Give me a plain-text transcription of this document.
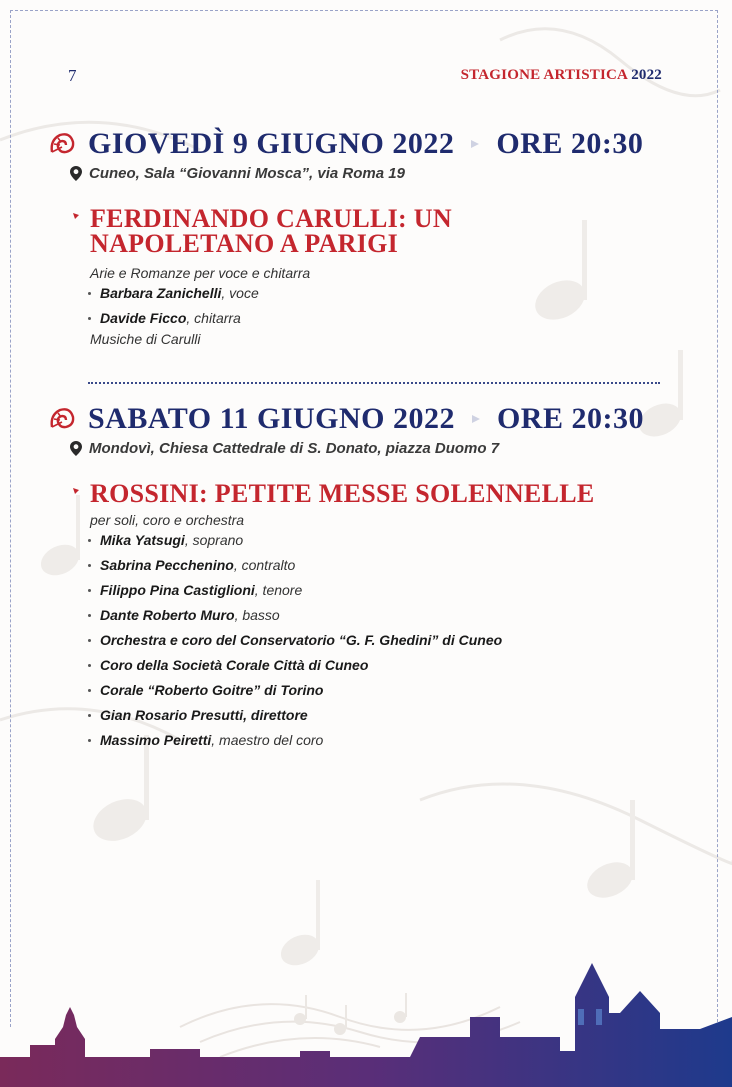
7	STAGIONE ARTISTICA 2022
GIOVEDÌ 9 GIUGNO 2022 ORE 20:30
Cuneo, Sala “Giovanni Mosca”, via Roma 19
FERDINANDO CARULLI: UN NAPOLETANO A PARIGI
Arie e Romanze per voce e chitarra
Barbara Zanichelli , voce
Davide Ficco , chitarra
Musiche di Carulli
SABATO 11 GIUGNO 2022 ORE 20:30
Mondovì, Chiesa Cattedrale di S. Donato, piazza Duomo 7
ROSSINI: PETITE MESSE SOLENNELLE
per soli, coro e orchestra
Mika Yatsugi , soprano
Sabrina Pecchenino , contralto
Filippo Pina Castiglioni , tenore
Dante Roberto Muro , basso
Orchestra e coro del Conservatorio “G. F. Ghedini” di Cuneo
Coro della Società Corale Città di Cuneo
Corale “Roberto Goitre” di Torino
Gian Rosario Presutti, direttore
Massimo Peiretti , maestro del coro
